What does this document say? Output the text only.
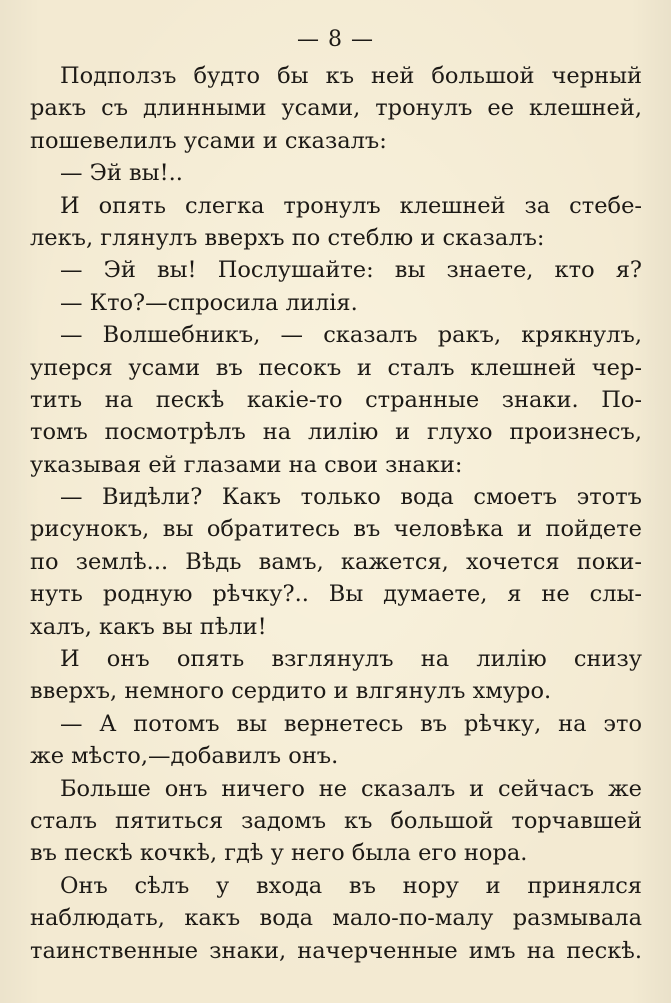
— 8 —
Подползъ будто бы къ ней большой черный
ракъ съ длинными усами, тронулъ ее клешней,
пошевелилъ усами и сказалъ:
— Эй вы!..
И опять слегка тронулъ клешней за стебе-
лекъ, глянулъ вверхъ по стеблю и сказалъ:
— Эй вы! Послушайте: вы знаете, кто я?
— Кто?—спросила лилія.
— Волшебникъ, — сказалъ ракъ, крякнулъ,
уперся усами въ песокъ и сталъ клешней чер-
тить на пескѣ какіе-то странные знаки. По-
томъ посмотрѣлъ на лилію и глухо произнесъ,
указывая ей глазами на свои знаки:
— Видѣли? Какъ только вода смоетъ этотъ
рисунокъ, вы обратитесь въ человѣка и пойдете
по землѣ... Вѣдь вамъ, кажется, хочется поки-
нуть родную рѣчку?.. Вы думаете, я не слы-
халъ, какъ вы пѣли!
И онъ опять взглянулъ на лилію снизу
вверхъ, немного сердито и влгянулъ хмуро.
— А потомъ вы вернетесь въ рѣчку, на это
же мѣсто,—добавилъ онъ.
Больше онъ ничего не сказалъ и сейчасъ же
сталъ пятиться задомъ къ большой торчавшей
въ пескѣ кочкѣ, гдѣ у него была его нора.
Онъ сѣлъ у входа въ нору и принялся
наблюдать, какъ вода мало-по-малу размывала
таинственные знаки, начерченные имъ на пескѣ.
